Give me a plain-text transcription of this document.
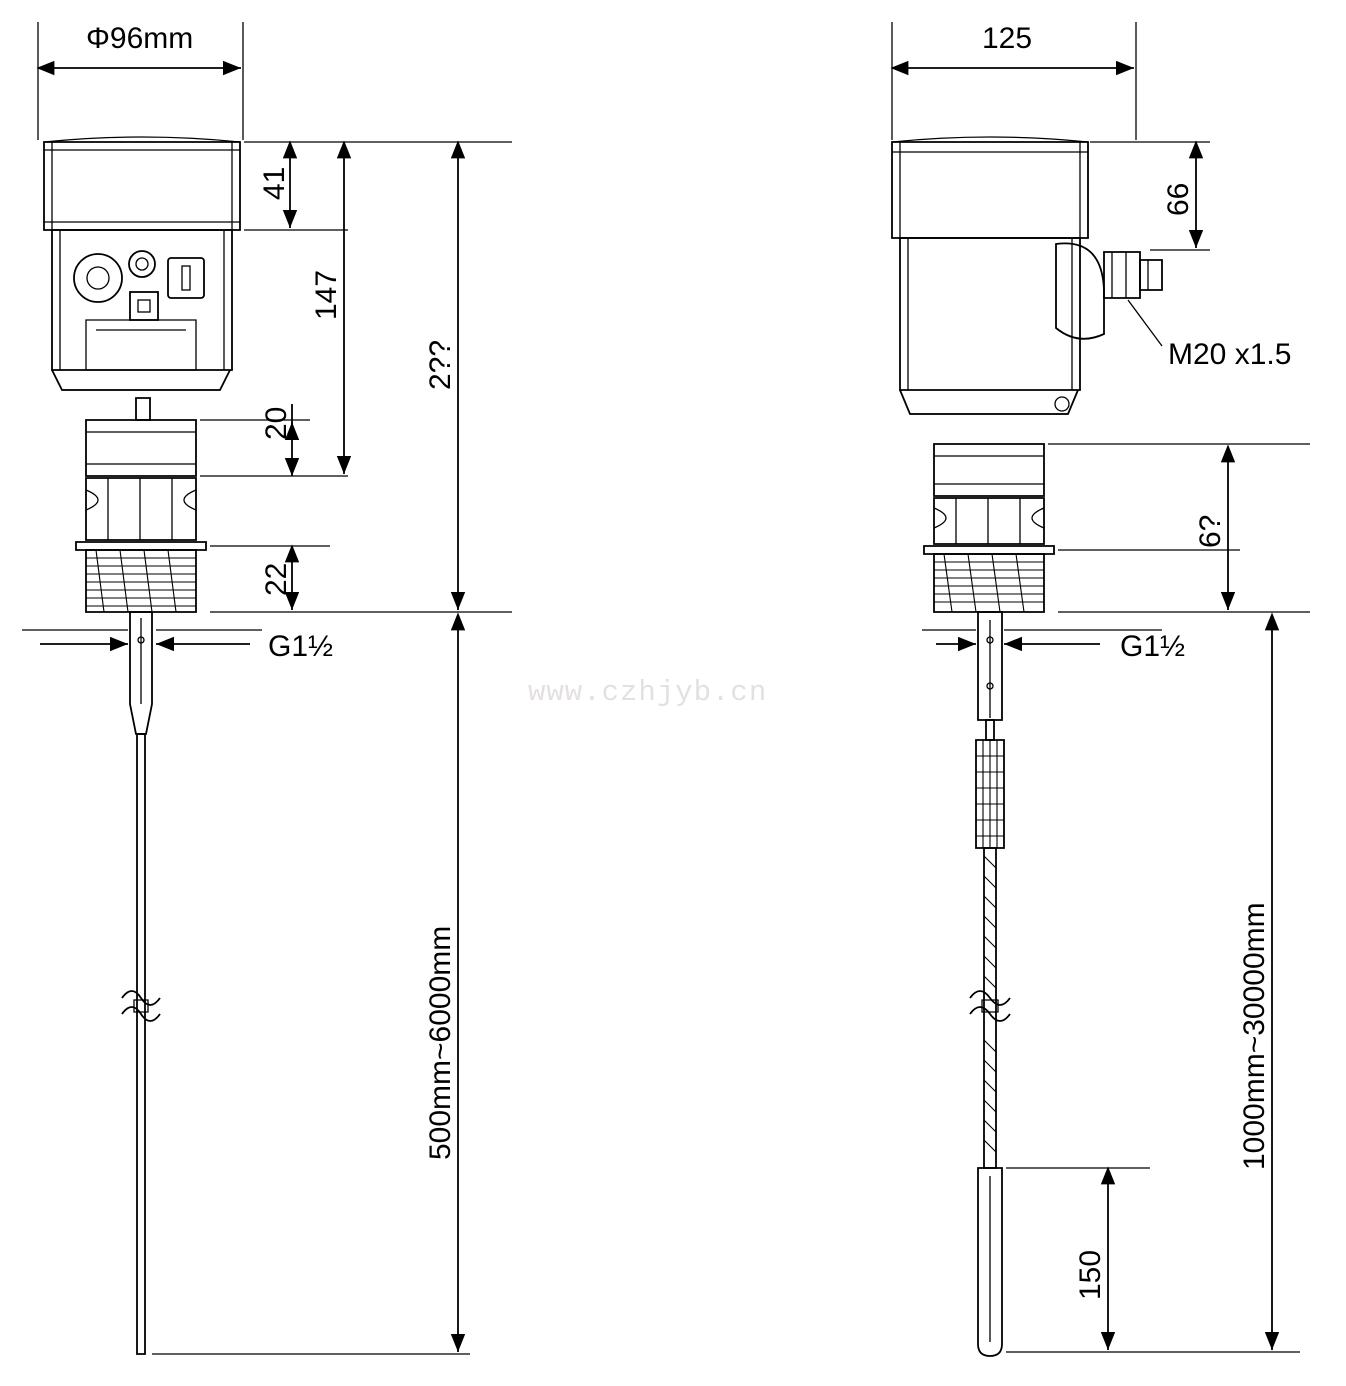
Φ96mm
41
147
20
22
2??
G1½
500mm~6000mm
www.czhjyb.cn
125
66
M20 x1.5
6?
G1½
150
1000mm~30000mm
